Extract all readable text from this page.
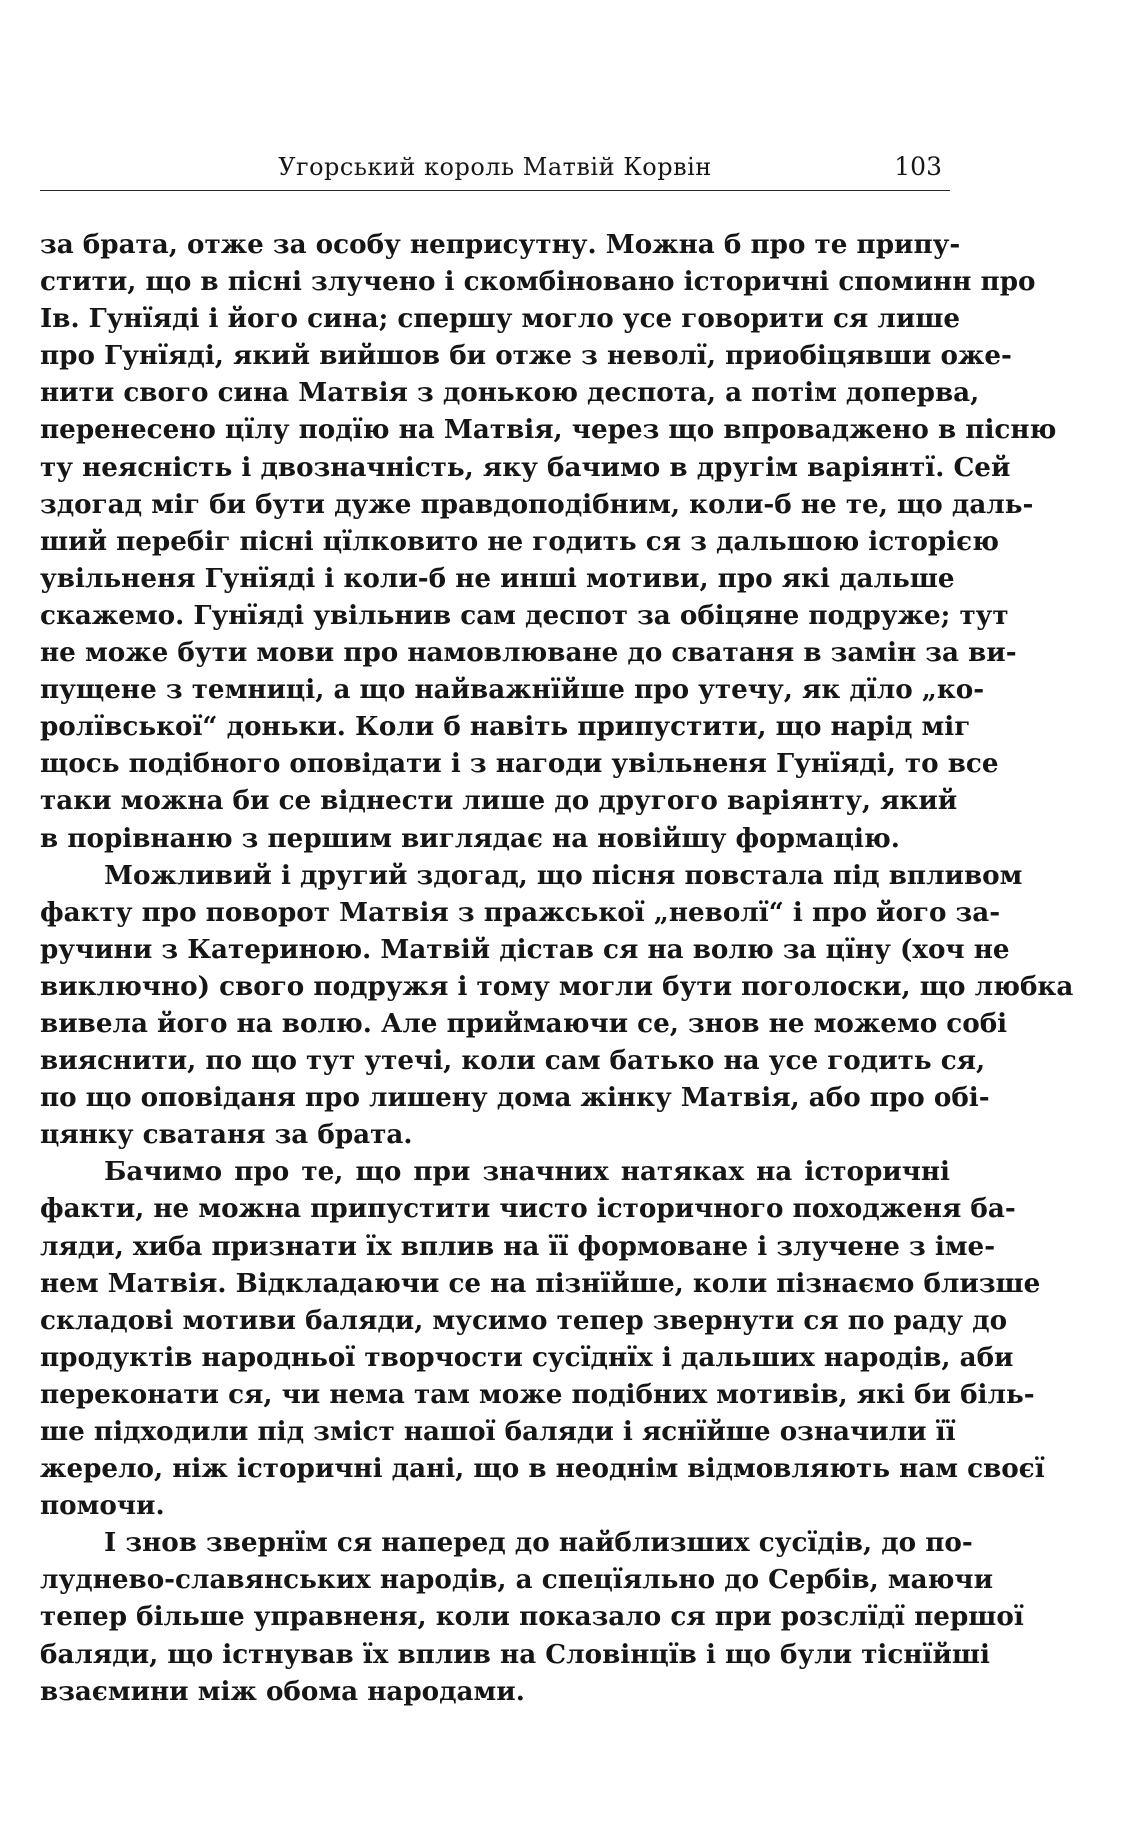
Угорський король Матвій Корвін	103
за брата, отже за особу неприсутну. Можна б про те припу-
стити, що в пісні злучено і скомбіновано історичні споминн про
Ів. Гунїяді і його сина; спершу могло усе говорити ся лише
про Гунїяді, який вийшов би отже з неволї, приобіцявши оже-
нити свого сина Матвія з донькою деспота, а потім доперва,
перенесено цїлу подїю на Матвія, через що впроваджено в пісню
ту неясність і двозначність, яку бачимо в другім варіянтї. Сей
здогад міг би бути дуже правдоподібним, коли-б не те, що даль-
ший перебіг пісні цїлковито не годить ся з дальшою історією
увільненя Гунїяді і коли-б не инші мотиви, про які дальше
скажемо. Гунїяді увільнив сам деспот за обіцяне подруже; тут
не може бути мови про намовлюване до сватаня в замін за ви-
пущене з темниці, а що найважнїйше про утечу, як дїло „ко-
ролївської“ доньки. Коли б навіть припустити, що нарід міг
щось подібного оповідати і з нагоди увільненя Гунїяді, то все
таки можна би се віднести лише до другого варіянту, який
в порівнаню з першим виглядає на новійшу формацію.
Можливий і другий здогад, що пісня повстала під впливом
факту про поворот Матвія з пражської „неволї“ і про його за-
ручини з Катериною. Матвій дістав ся на волю за цїну (хоч не
виключно) свого подружя і тому могли бути поголоски, що любка
вивела його на волю. Але приймаючи се, знов не можемо собі
вияснити, по що тут утечі, коли сам батько на усе годить ся,
по що оповіданя про лишену дома жінку Матвія, або про обі-
цянку сватаня за брата.
Бачимо про те, що при значних натяках на історичні
факти, не можна припустити чисто історичного походженя ба-
ляди, хиба признати їх вплив на її формоване і злучене з іме-
нем Матвія. Відкладаючи се на пізнїйше, коли пізнаємо близше
складові мотиви баляди, мусимо тепер звернути ся по раду до
продуктів народньої творчости сусїднїх і дальших народів, аби
переконати ся, чи нема там може подібних мотивів, які би біль-
ше підходили під зміст нашої баляди і яснїйше означили її
жерело, ніж історичні дані, що в неоднім відмовляють нам своєї
помочи.
І знов звернїм ся наперед до найблизших сусїдів, до по-
луднево-славянських народів, а спецїяльно до Сербів, маючи
тепер більше управненя, коли показало ся при розслїдї першої
баляди, що істнував їх вплив на Словінцїв і що були тіснїйші
взаємини між обома народами.
